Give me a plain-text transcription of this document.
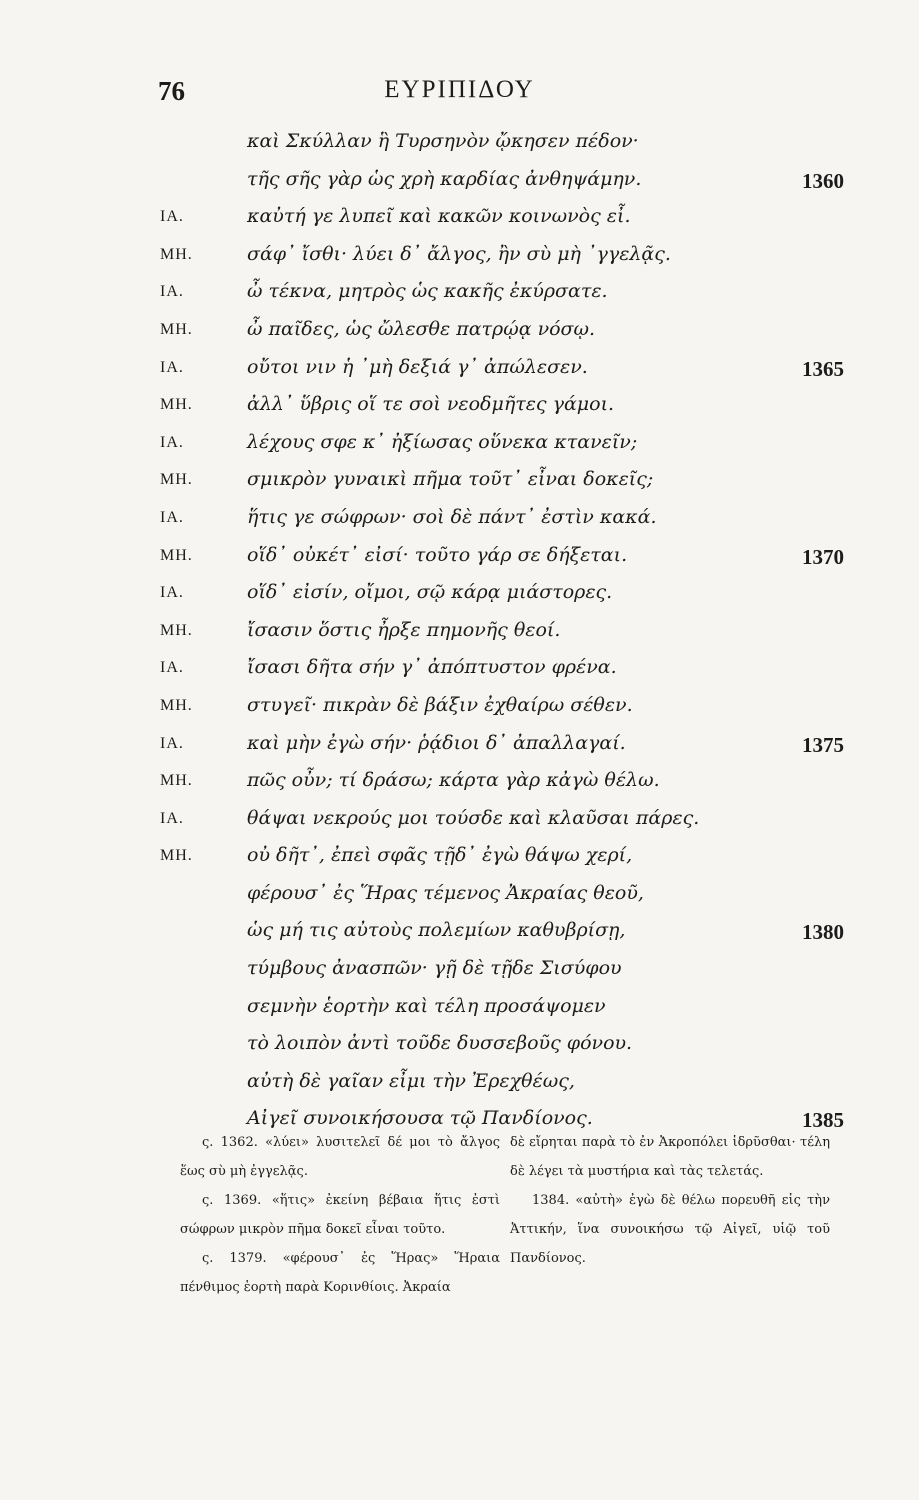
76	ΕΥΡΙΠΙΔΟΥ
καὶ Σκύλλαν ἣ Τυρσηνὸν ᾤκησεν πέδον·
τῆς σῆς γὰρ ὡς χρὴ καρδίας ἀνθηψάμην.	1360
ΙΑ.	καὐτή γε λυπεῖ καὶ κακῶν κοινωνὸς εἶ.
ΜΗ.	σάφ᾽ ἴσθι· λύει δ᾽ ἄλγος, ἢν σὺ μὴ ᾽γγελᾷς.
ΙΑ.	ὦ τέκνα, μητρὸς ὡς κακῆς ἐκύρσατε.
ΜΗ.	ὦ παῖδες, ὡς ὤλεσθε πατρῴᾳ νόσῳ.
ΙΑ.	οὔτοι νιν ἡ ᾽μὴ δεξιά γ᾽ ἀπώλεσεν.	1365
ΜΗ.	ἀλλ᾽ ὕβρις οἵ τε σοὶ νεοδμῆτες γάμοι.
ΙΑ.	λέχους σφε κ᾽ ἠξίωσας οὕνεκα κτανεῖν;
ΜΗ.	σμικρὸν γυναικὶ πῆμα τοῦτ᾽ εἶναι δοκεῖς;
ΙΑ.	ἥτις γε σώφρων· σοὶ δὲ πάντ᾽ ἐστὶν κακά.
ΜΗ.	οἵδ᾽ οὐκέτ᾽ εἰσί· τοῦτο γάρ σε δήξεται.	1370
ΙΑ.	οἵδ᾽ εἰσίν, οἴμοι, σῷ κάρᾳ μιάστορες.
ΜΗ.	ἴσασιν ὅστις ἦρξε πημονῆς θεοί.
ΙΑ.	ἴσασι δῆτα σήν γ᾽ ἀπόπτυστον φρένα.
ΜΗ.	στυγεῖ· πικρὰν δὲ βάξιν ἐχθαίρω σέθεν.
ΙΑ.	καὶ μὴν ἐγὼ σήν· ῥᾴδιοι δ᾽ ἀπαλλαγαί.	1375
ΜΗ.	πῶς οὖν; τί δράσω; κάρτα γὰρ κἀγὼ θέλω.
ΙΑ.	θάψαι νεκρούς μοι τούσδε καὶ κλαῦσαι πάρες.
ΜΗ.	οὐ δῆτ᾽, ἐπεὶ σφᾶς τῇδ᾽ ἐγὼ θάψω χερί,
φέρουσ᾽ ἐς Ἥρας τέμενος Ἀκραίας θεοῦ,
ὡς μή τις αὐτοὺς πολεμίων καθυβρίσῃ,	1380
τύμβους ἀνασπῶν· γῇ δὲ τῇδε Σισύφου
σεμνὴν ἑορτὴν καὶ τέλη προσάψομεν
τὸ λοιπὸν ἀντὶ τοῦδε δυσσεβοῦς φόνου.
αὐτὴ δὲ γαῖαν εἶμι τὴν Ἐρεχθέως,
Αἰγεῖ συνοικήσουσα τῷ Πανδίονος.	1385

ς. 1362. «λύει» λυσιτελεῖ δέ μοι τὸ ἄλγος ἕως σὺ μὴ ἐγγελᾷς.

ς. 1369. «ἥτις» ἐκείνη βέβαια ἥτις ἐστὶ σώφρων μικρὸν πῆμα δοκεῖ εἶναι τοῦτο.

ς. 1379. «φέρουσ᾽ ἐς Ἥρας» Ἥραια πένθιμος ἑορτὴ παρὰ Κορινθίοις. Ἀκραία

δὲ εἴρηται παρὰ τὸ ἐν Ἀκροπόλει ἱδρῦσθαι· τέλη δὲ λέγει τὰ μυστήρια καὶ τὰς τελετάς.

1384. «αὐτὴ» ἐγὼ δὲ θέλω πορευθῆ εἰς τὴν Ἀττικήν, ἵνα συνοικήσω τῷ Αἰγεῖ, υἱῷ τοῦ Πανδίονος.
